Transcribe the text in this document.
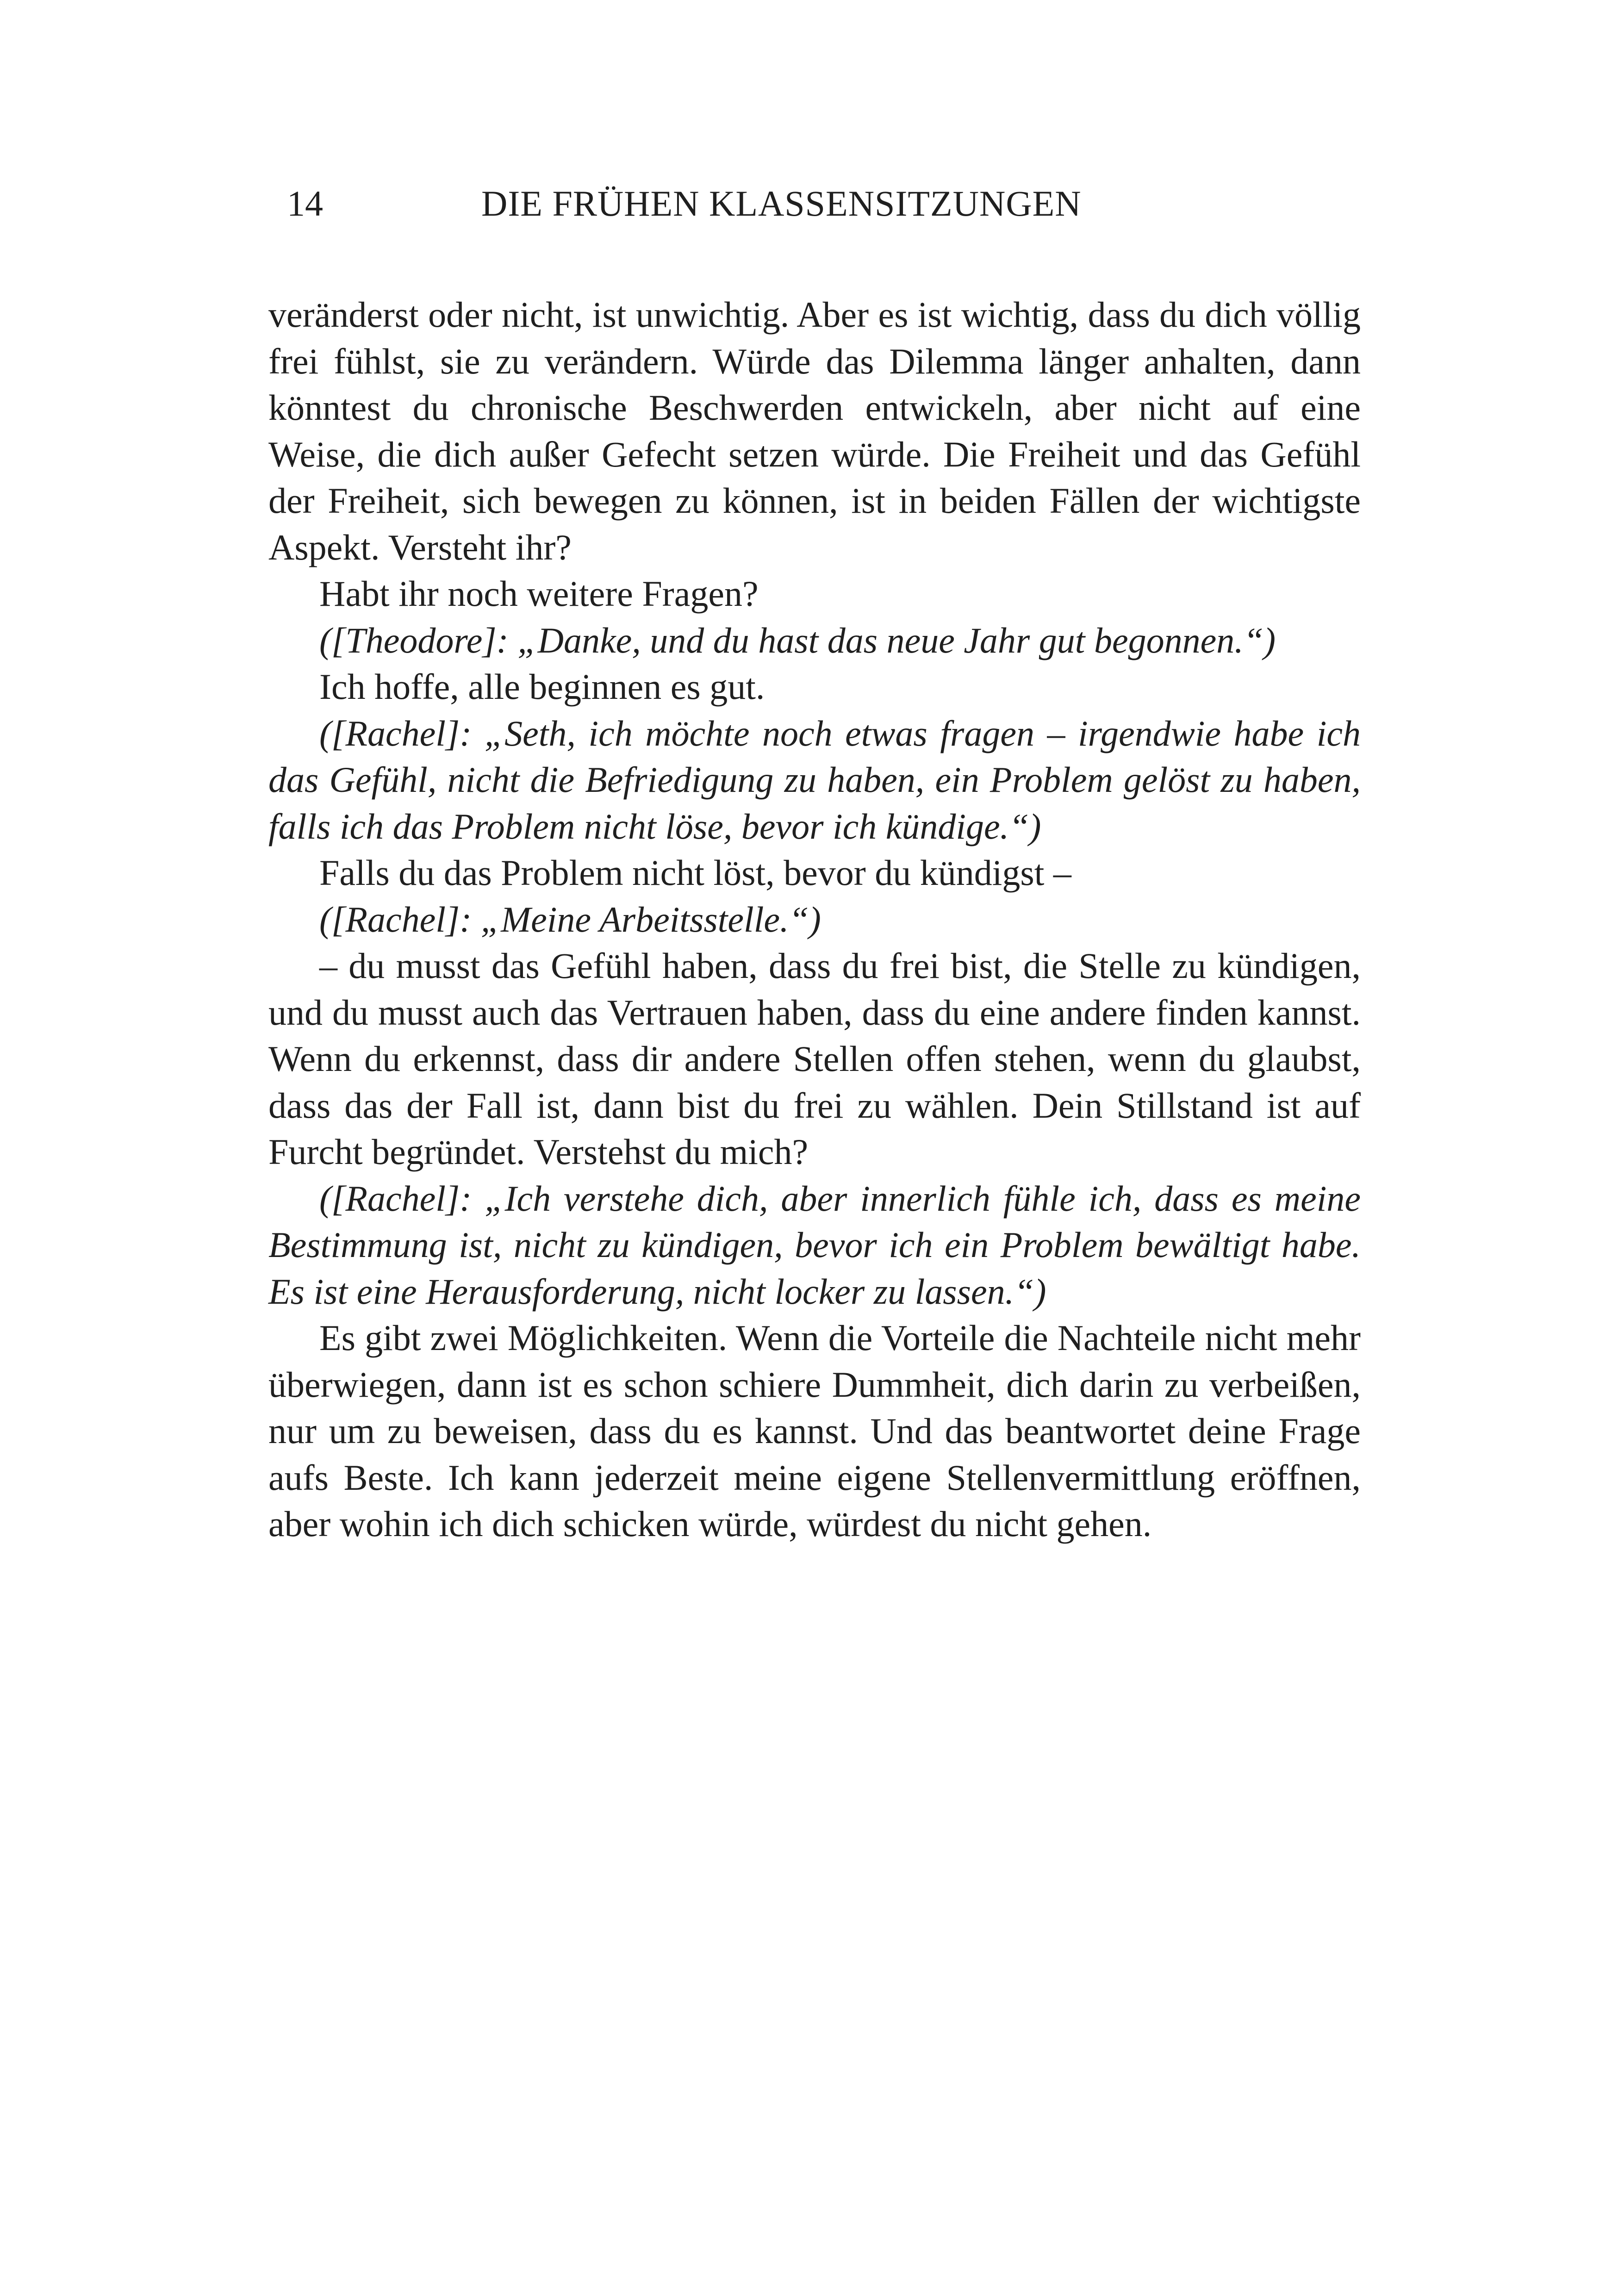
14	DIE FRÜHEN KLASSENSITZUNGEN

veränderst oder nicht, ist unwichtig. Aber es ist wichtig, dass du dich völlig frei fühlst, sie zu verändern. Würde das Dilemma länger anhalten, dann könntest du chronische Beschwerden entwickeln, aber nicht auf eine Weise, die dich außer Gefecht setzen würde. Die Freiheit und das Gefühl der Freiheit, sich bewegen zu können, ist in beiden Fällen der wichtigste Aspekt. Versteht ihr?

Habt ihr noch weitere Fragen?

([Theodore]: „Danke, und du hast das neue Jahr gut begonnen.“)

Ich hoffe, alle beginnen es gut.

([Rachel]: „Seth, ich möchte noch etwas fragen – irgendwie habe ich das Gefühl, nicht die Befriedigung zu haben, ein Problem gelöst zu haben, falls ich das Problem nicht löse, bevor ich kündige.“)

Falls du das Problem nicht löst, bevor du kündigst –

([Rachel]: „Meine Arbeitsstelle.“)

– du musst das Gefühl haben, dass du frei bist, die Stelle zu kündigen, und du musst auch das Vertrauen haben, dass du eine andere finden kannst. Wenn du erkennst, dass dir andere Stellen offen stehen, wenn du glaubst, dass das der Fall ist, dann bist du frei zu wählen. Dein Stillstand ist auf Furcht begründet. Verstehst du mich?

([Rachel]: „Ich verstehe dich, aber innerlich fühle ich, dass es meine Bestimmung ist, nicht zu kündigen, bevor ich ein Problem bewältigt habe. Es ist eine Herausforderung, nicht locker zu lassen.“)

Es gibt zwei Möglichkeiten. Wenn die Vorteile die Nachteile nicht mehr überwiegen, dann ist es schon schiere Dummheit, dich darin zu verbeißen, nur um zu beweisen, dass du es kannst. Und das beantwortet deine Frage aufs Beste. Ich kann jederzeit meine eigene Stellenvermittlung eröffnen, aber wohin ich dich schicken würde, würdest du nicht gehen.
